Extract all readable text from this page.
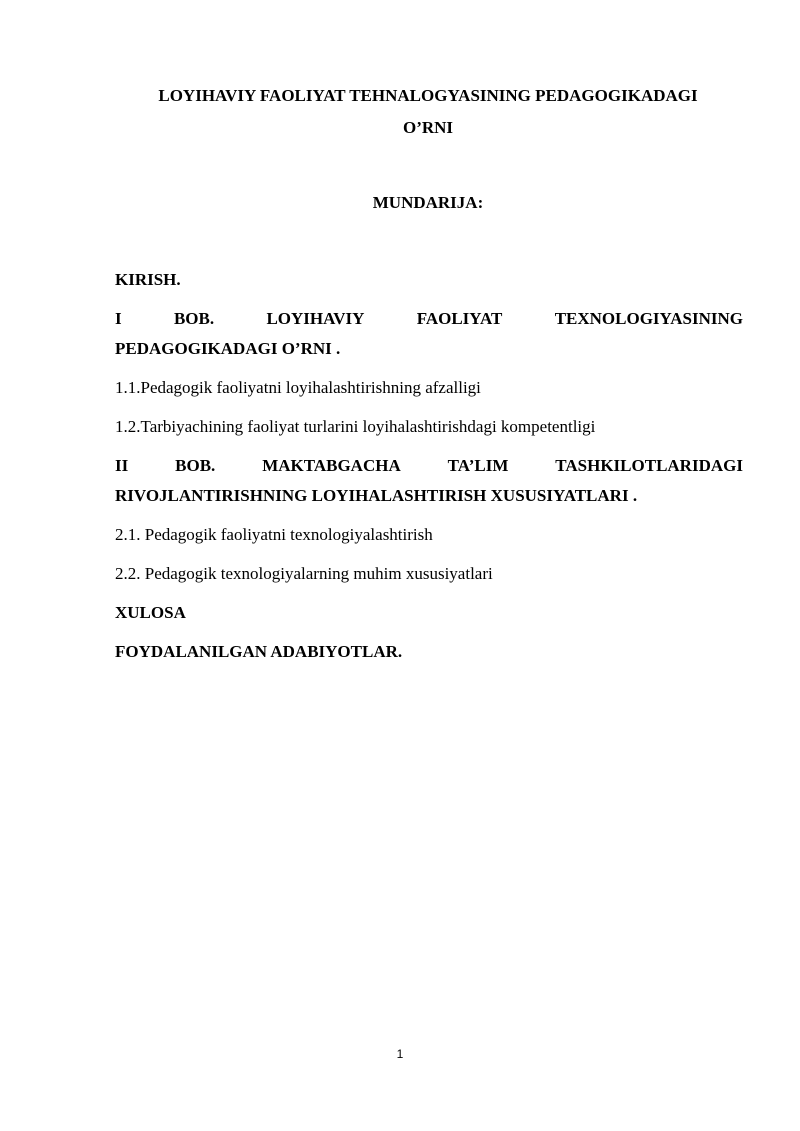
LOYIHAVIY FAOLIYAT TEHNALOGYASINING PEDAGOGIKADAGI

O’RNI

MUNDARIJA:

KIRISH.
I	BOB.	LOYIHAVIY	FAOLIYAT	TEXNOLOGIYASINING
PEDAGOGIKADAGI O’RNI .
1.1.Pedagogik faoliyatni loyihalashtirishning afzalligi
1.2.Tarbiyachining faoliyat turlarini loyihalashtirishdagi kompetentligi
II	BOB.	MAKTABGACHA	TA’LIM	TASHKILOTLARIDAGI
RIVOJLANTIRISHNING LOYIHALASHTIRISH XUSUSIYATLARI .
2.1. Pedagogik faoliyatni texnologiyalashtirish
2.2. Pedagogik texnologiyalarning muhim xususiyatlari
XULOSA
FOYDALANILGAN ADABIYOTLAR.
1
